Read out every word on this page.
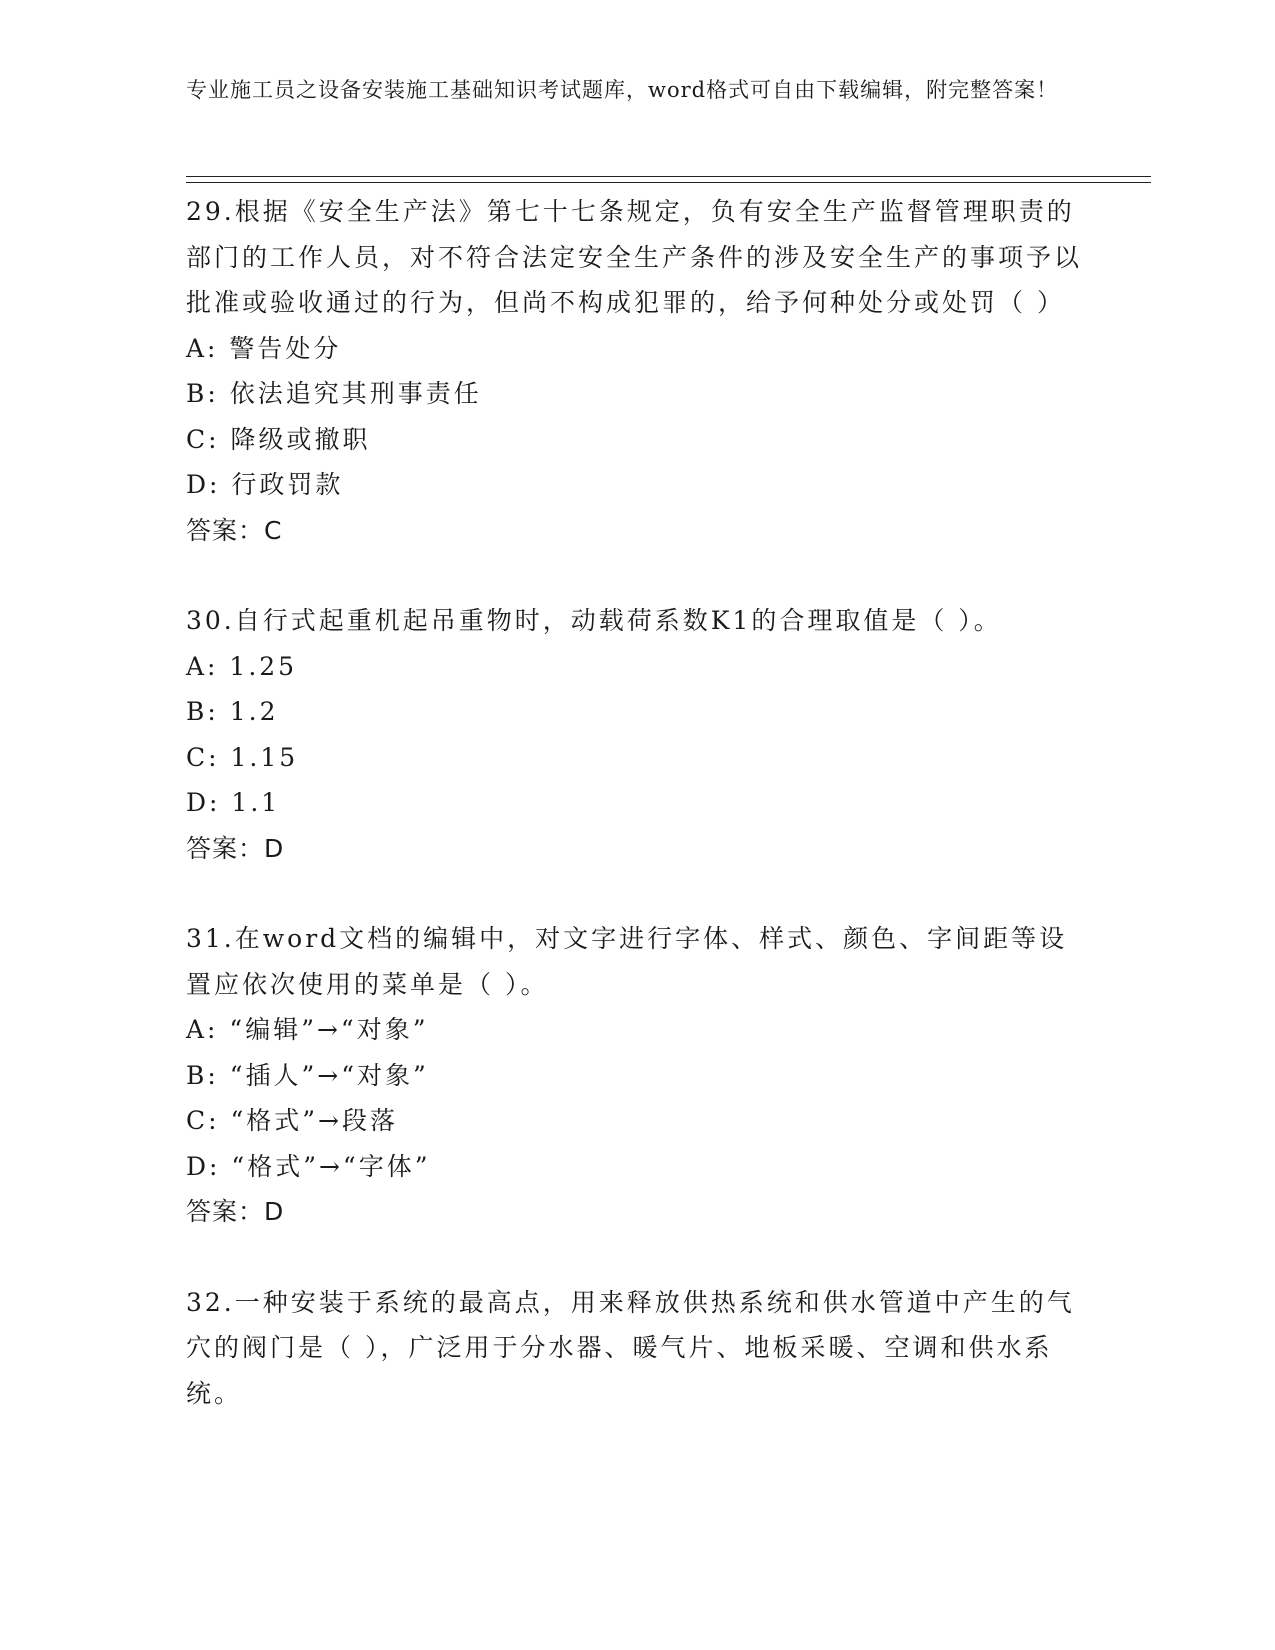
专业施工员之设备安装施工基础知识考试题库，word格式可自由下载编辑，附完整答案！
29.根据《安全生产法》第七十七条规定，负有安全生产监督管理职责的部门的工作人员，对不符合法定安全生产条件的涉及安全生产的事项予以批准或验收通过的行为，但尚不构成犯罪的，给予何种处分或处罚（ ）
A: 警告处分
B: 依法追究其刑事责任
C: 降级或撤职
D: 行政罚款
答案：C
30.自行式起重机起吊重物时，动载荷系数K1的合理取值是（ ）。
A: 1.25
B: 1.2
C: 1.15
D: 1.1
答案：D
31.在word文档的编辑中，对文字进行字体、样式、颜色、字间距等设置应依次使用的菜单是（ ）。
A: “编辑”→“对象”
B: “插人”→“对象”
C: “格式”→段落
D: “格式”→“字体”
答案：D
32.一种安装于系统的最高点，用来释放供热系统和供水管道中产生的气穴的阀门是（ ），广泛用于分水器、暖气片、地板采暖、空调和供水系统。
